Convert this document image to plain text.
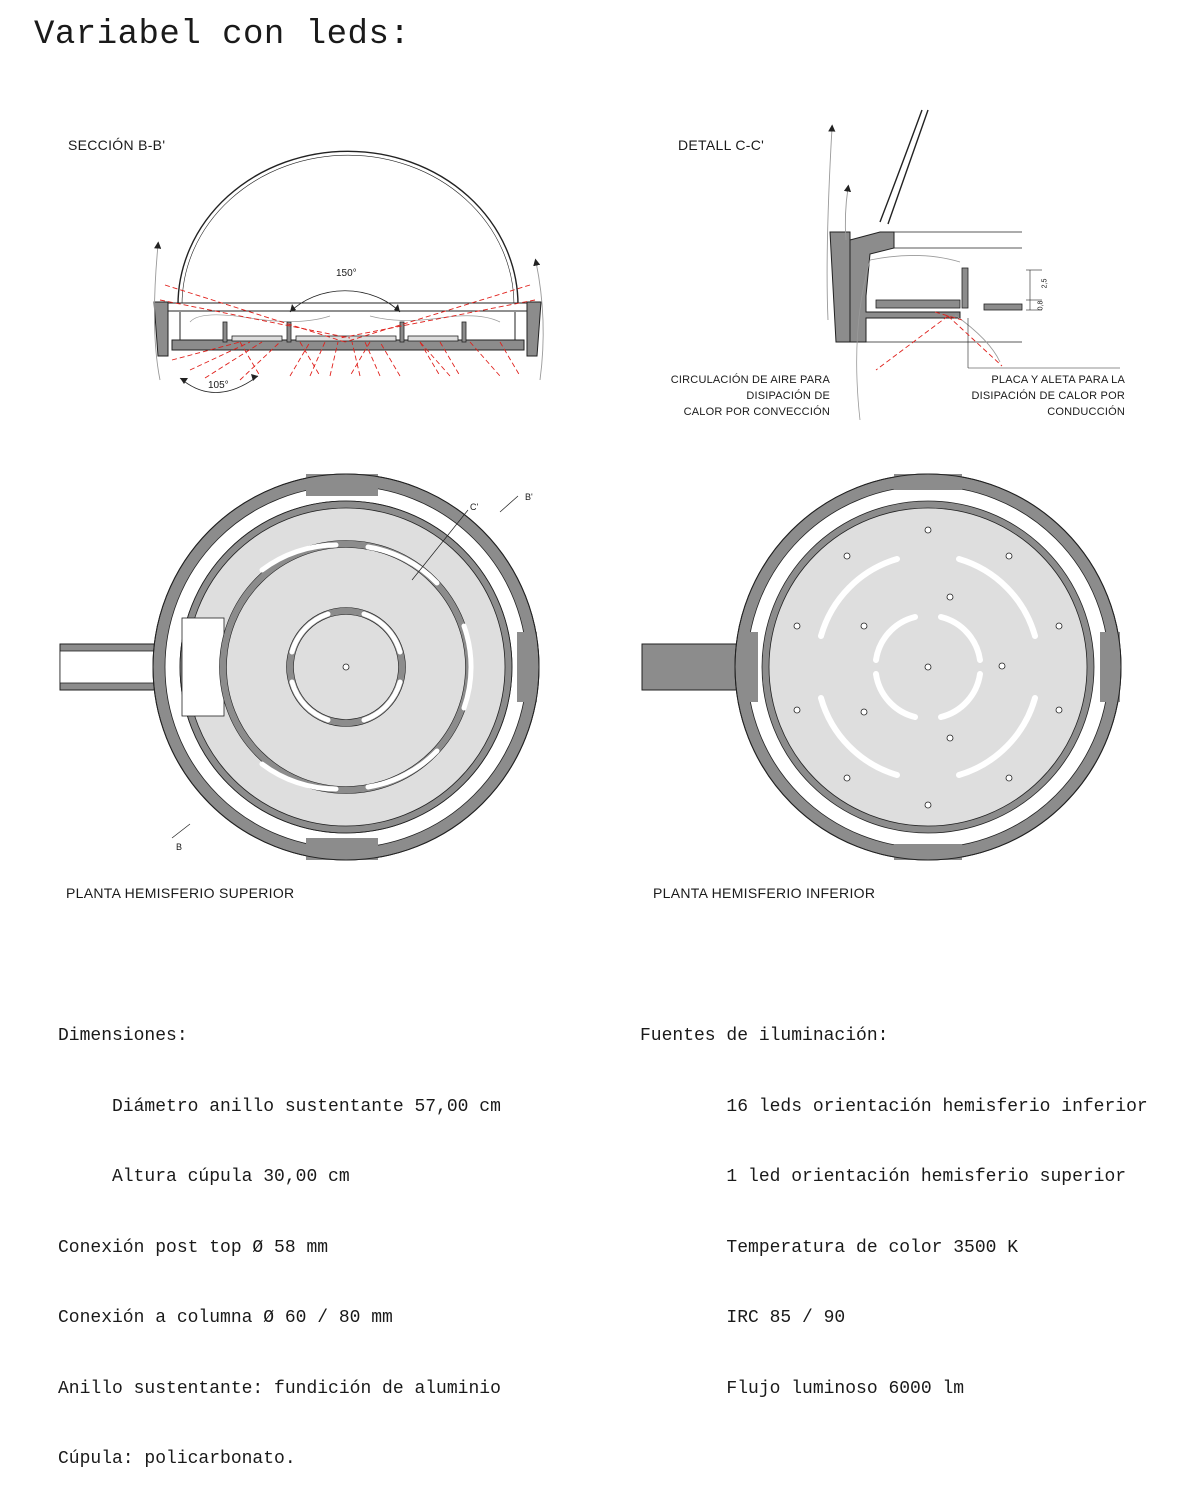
Variabel con leds:
SECCIÓN B-B'	DETALL C-C'
PLANTA HEMISFERIO SUPERIOR	PLANTA HEMISFERIO INFERIOR
CIRCULACIÓN DE AIRE PARA
DISIPACIÓN DE
CALOR POR CONVECCIÓN
PLACA Y ALETA PARA LA
DISIPACIÓN DE CALOR POR
CONDUCCIÓN
150°
105°
2,5
0,8
C'
B'
B

Dimensiones:

Diámetro anillo sustentante 57,00 cm

Altura cúpula 30,00 cm

Conexión post top Ø 58 mm

Conexión a columna Ø 60 / 80 mm

Anillo sustentante: fundición de aluminio

Cúpula: policarbonato.

Fuentes de iluminación:

16 leds orientación hemisferio inferior

1 led orientación hemisferio superior

Temperatura de color 3500 K

IRC 85 / 90

Flujo luminoso 6000 lm
